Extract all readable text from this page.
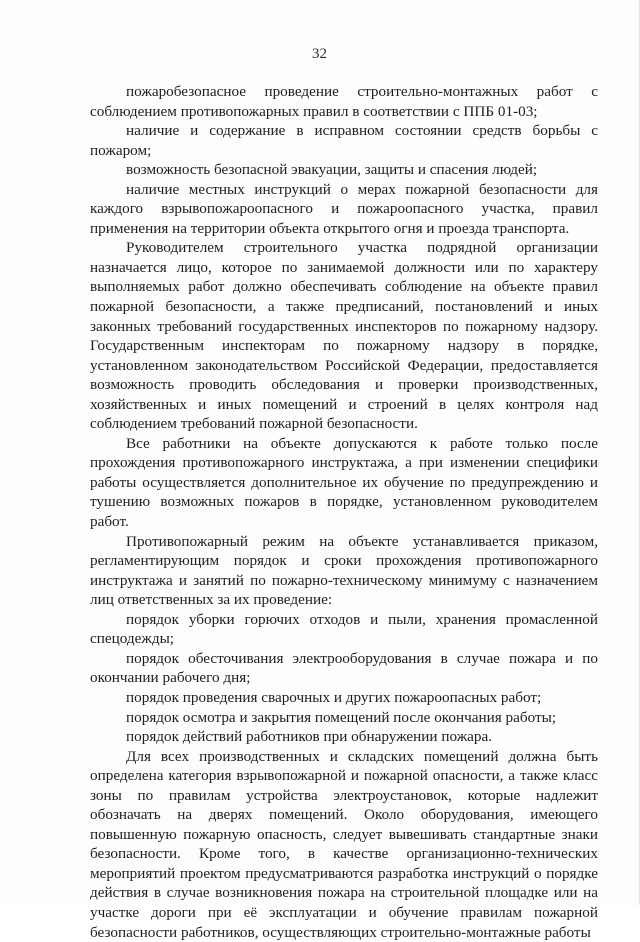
32

пожаробезопасное проведение строительно-монтажных работ с соблюдением противопожарных правил в соответствии с ППБ 01-03;

наличие и содержание в исправном состоянии средств борьбы с пожаром;

возможность безопасной эвакуации, защиты и спасения людей;

наличие местных инструкций о мерах пожарной безопасности для каждого взрывопожароопасного и пожароопасного участка, правил применения на территории объекта открытого огня и проезда транспорта.

Руководителем строительного участка подрядной организации назначается лицо, которое по занимаемой должности или по характеру выполняемых работ должно обеспечивать соблюдение на объекте правил пожарной безопасности, а также предписаний, постановлений и иных законных требований государственных инспекторов по пожарному надзору. Государственным инспекторам по пожарному надзору в порядке, установленном законодательством Российской Федерации, предоставляется возможность проводить обследования и проверки производственных, хозяйственных и иных помещений и строений в целях контроля над соблюдением требований пожарной безопасности.

Все работники на объекте допускаются к работе только после прохождения противопожарного инструктажа, а при изменении специфики работы осуществляется дополнительное их обучение по предупреждению и тушению возможных пожаров в порядке, установленном руководителем работ.

Противопожарный режим на объекте устанавливается приказом, регламентирующим порядок и сроки прохождения противопожарного инструктажа и занятий по пожарно-техническому минимуму с назначением лиц ответственных за их проведение:

порядок уборки горючих отходов и пыли, хранения промасленной спецодежды;

порядок обесточивания электрооборудования в случае пожара и по окончании рабочего дня;

порядок проведения сварочных и других пожароопасных работ;

порядок осмотра и закрытия помещений после окончания работы;

порядок действий работников при обнаружении пожара.

Для всех производственных и складских помещений должна быть определена категория взрывопожарной и пожарной опасности, а также класс зоны по правилам устройства электроустановок, которые надлежит обозначать на дверях помещений. Около оборудования, имеющего повышенную пожарную опасность, следует вывешивать стандартные знаки безопасности. Кроме того, в качестве организационно-технических мероприятий проектом предусматриваются разработка инструкций о порядке действия в случае возникновения пожара на строительной площадке или на участке дороги при её эксплуатации и обучение правилам пожарной безопасности работников, осуществляющих строительно-монтажные работы
